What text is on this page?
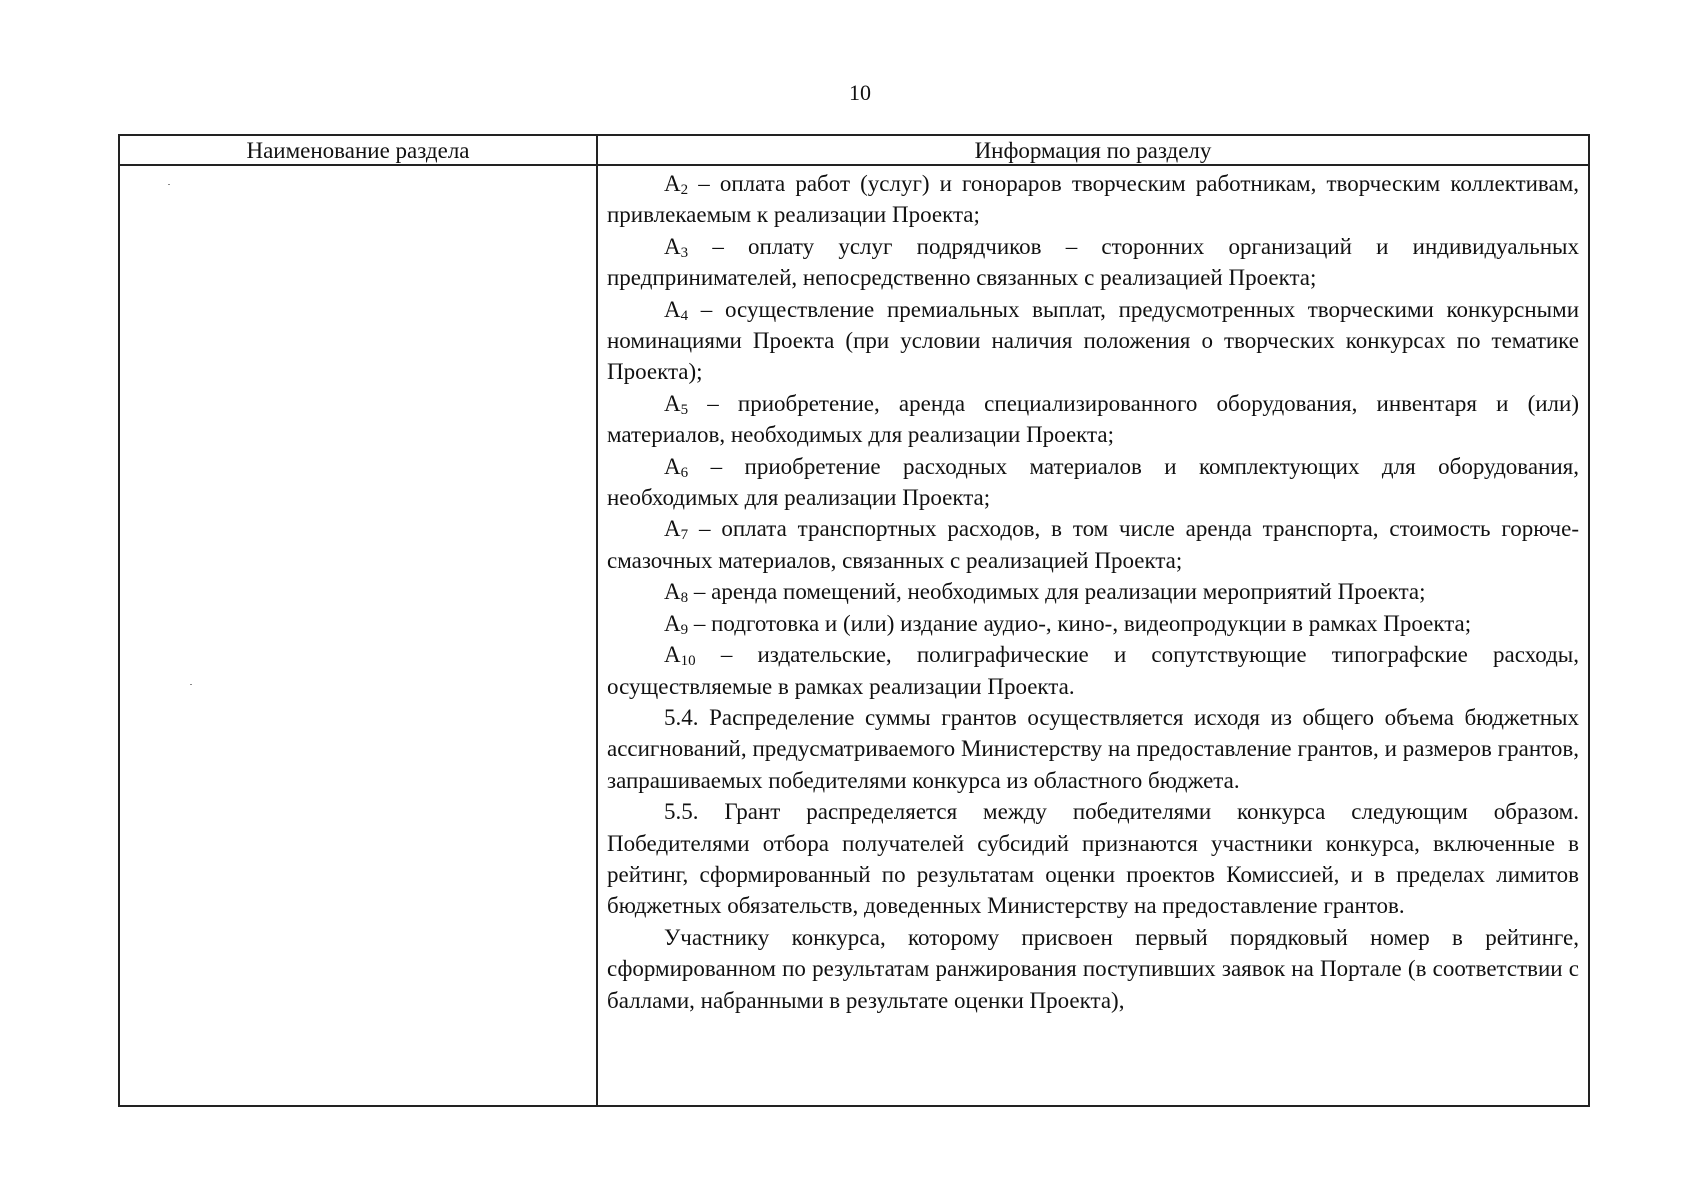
10
Наименование раздела	Информация по разделу

$А_2$ – оплата работ (услуг) и гонораров творческим работникам, творческим коллективам, привлекаемым к реализации Проекта;

$А_3$ – оплату услуг подрядчиков – сторонних организаций и индивидуальных предпринимателей, непосредственно связанных с реализацией Проекта;

$А_4$ – осуществление премиальных выплат, предусмотренных творческими конкурсными номинациями Проекта (при условии наличия положения о творческих конкурсах по тематике Проекта);

$А_5$ – приобретение, аренда специализированного оборудования, инвентаря и (или) материалов, необходимых для реализации Проекта;

$А_6$ – приобретение расходных материалов и комплектующих для оборудования, необходимых для реализации Проекта;

$А_7$ – оплата транспортных расходов, в том числе аренда транспорта, стоимость горюче-смазочных материалов, связанных с реализацией Проекта;

$А_8$ – аренда помещений, необходимых для реализации мероприятий Проекта;

$А_9$ – подготовка и (или) издание аудио-, кино-, видеопродукции в рамках Проекта;

$А_{10}$ – издательские, полиграфические и сопутствующие типографские расходы, осуществляемые в рамках реализации Проекта.

5.4. Распределение суммы грантов осуществляется исходя из общего объема бюджетных ассигнований, предусматриваемого Министерству на предоставление грантов, и размеров грантов, запрашиваемых победителями конкурса из областного бюджета.

5.5. Грант распределяется между победителями конкурса следующим образом. Победителями отбора получателей субсидий признаются участники конкурса, включенные в рейтинг, сформированный по результатам оценки проектов Комиссией, и в пределах лимитов бюджетных обязательств, доведенных Министерству на предоставление грантов.

Участнику конкурса, которому присвоен первый порядковый номер в рейтинге, сформированном по результатам ранжирования поступивших заявок на Портале (в соответствии с баллами, набранными в результате оценки Проекта),
